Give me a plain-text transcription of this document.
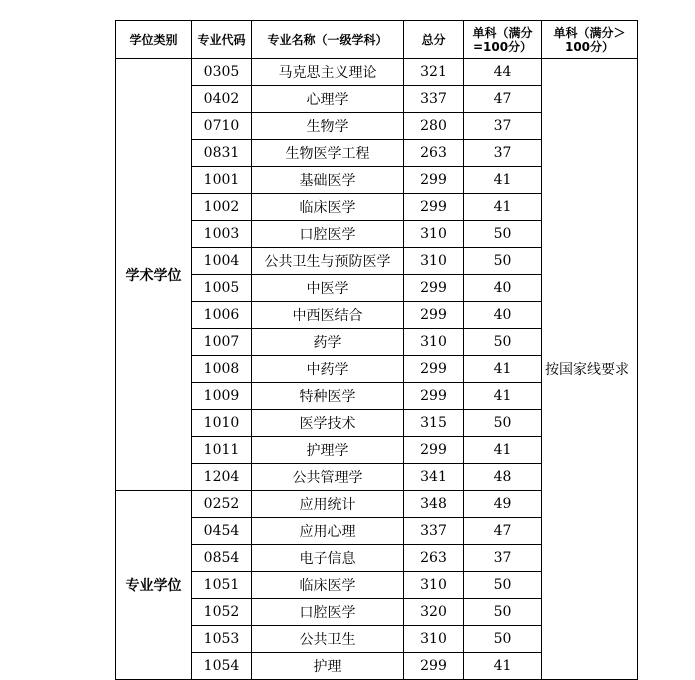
学位类别	专业代码	专业名称（一级学科）	总分	单科（满分=100分）	单科（满分＞100分）
学术学位	0305	马克思主义理论	321	44	按国家线要求
	0402	心理学	337	47	
	0710	生物学	280	37	
	0831	生物医学工程	263	37	
	1001	基础医学	299	41	
	1002	临床医学	299	41	
	1003	口腔医学	310	50	
	1004	公共卫生与预防医学	310	50	
	1005	中医学	299	40	
	1006	中西医结合	299	40	
	1007	药学	310	50	
	1008	中药学	299	41	
	1009	特种医学	299	41	
	1010	医学技术	315	50	
	1011	护理学	299	41	
	1204	公共管理学	341	48	
专业学位	0252	应用统计	348	49	
	0454	应用心理	337	47	
	0854	电子信息	263	37	
	1051	临床医学	310	50	
	1052	口腔医学	320	50	
	1053	公共卫生	310	50	
	1054	护理	299	41	
